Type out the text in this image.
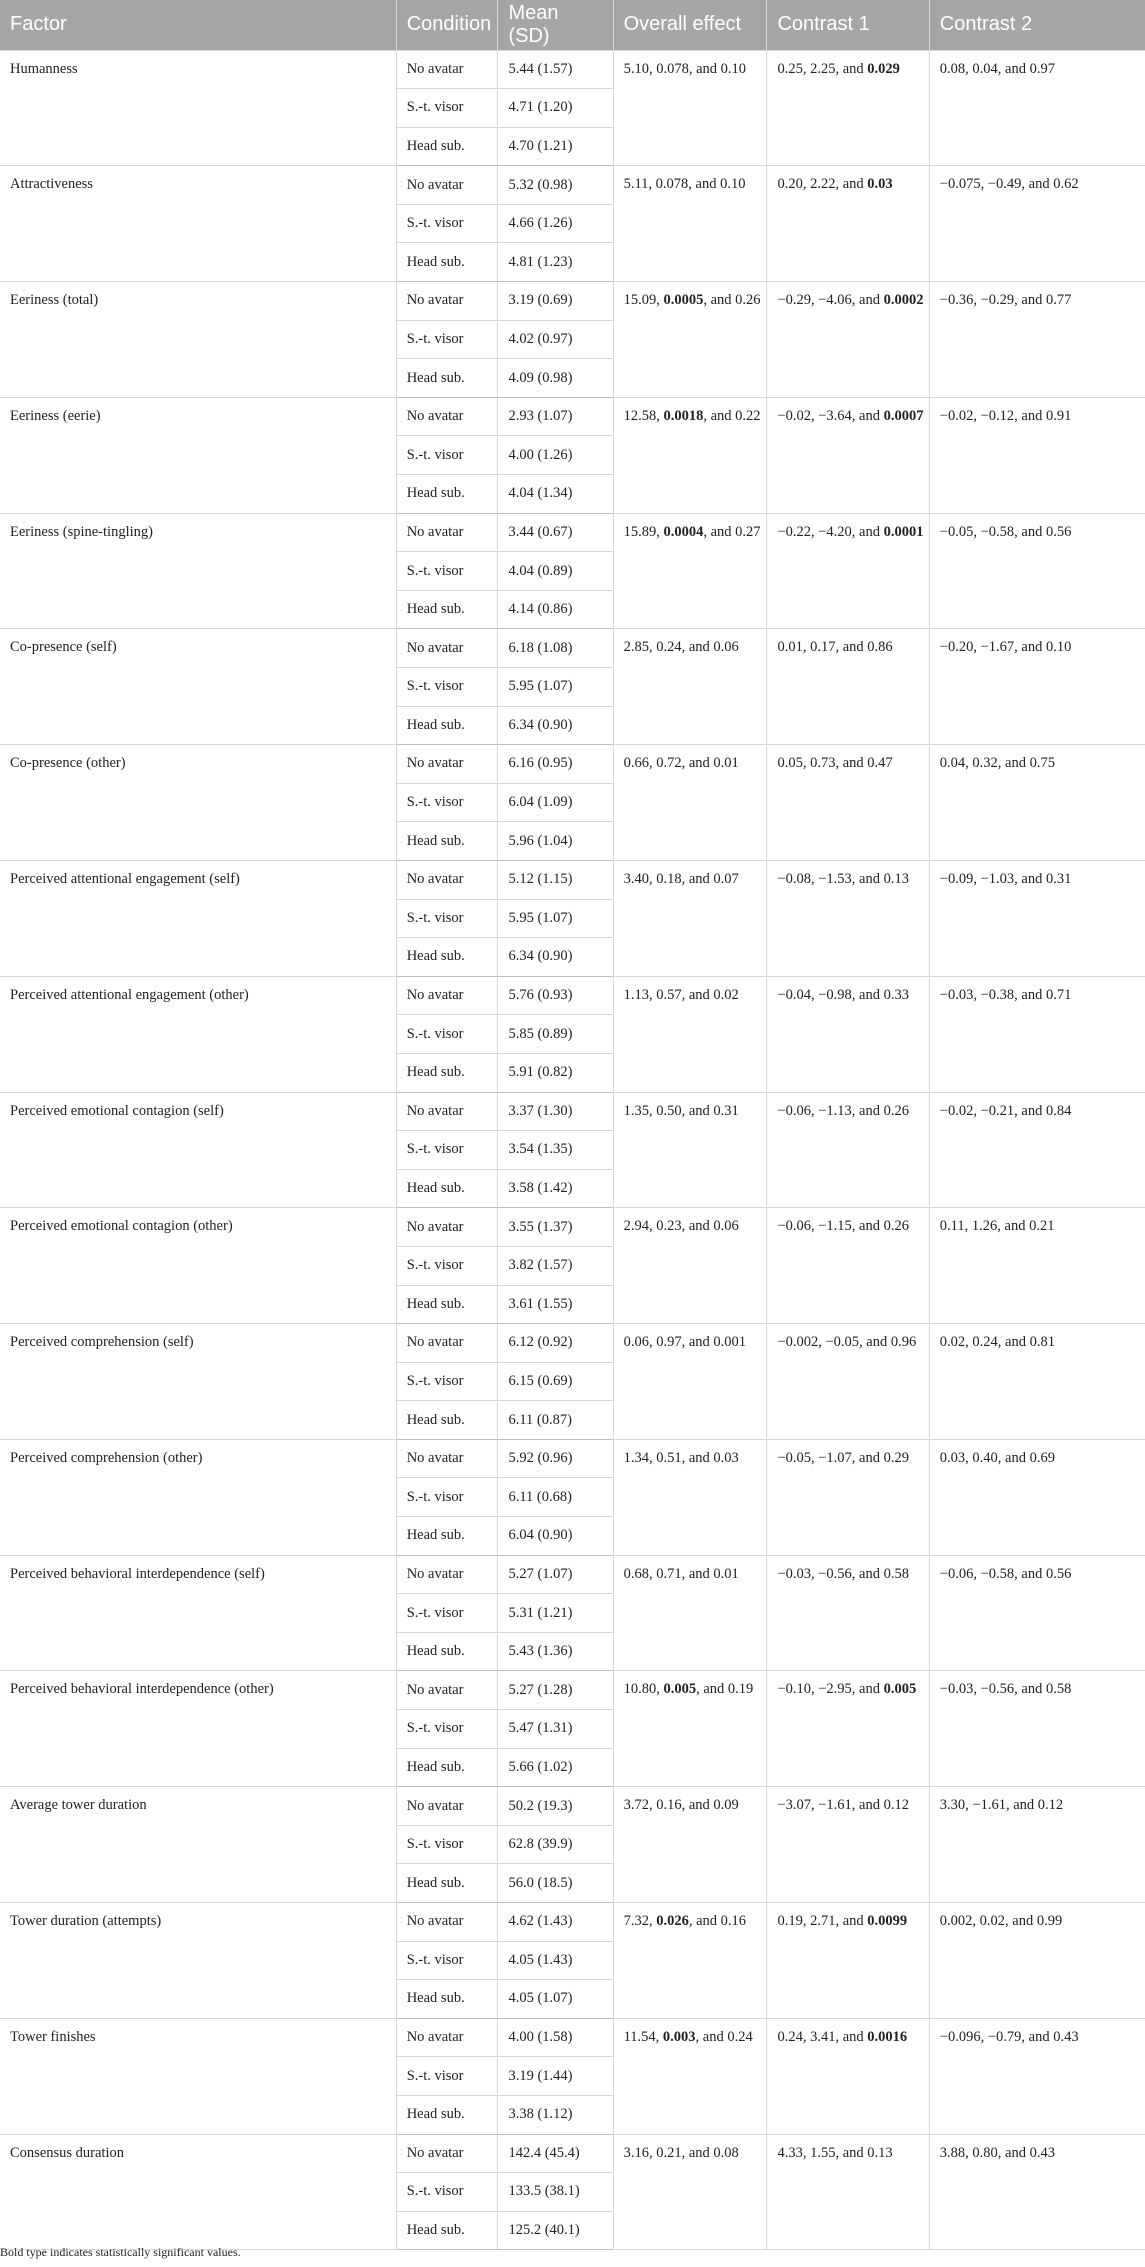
Factor	Condition	Mean (SD)	Overall effect	Contrast 1	Contrast 2
Humanness	No avatar	5.44 (1.57)	5.10, 0.078, and 0.10	0.25, 2.25, and 0.029	0.08, 0.04, and 0.97
	S.-t. visor	4.71 (1.20)			
	Head sub.	4.70 (1.21)			
Attractiveness	No avatar	5.32 (0.98)	5.11, 0.078, and 0.10	0.20, 2.22, and 0.03	−0.075, −0.49, and 0.62
	S.-t. visor	4.66 (1.26)			
	Head sub.	4.81 (1.23)			
Eeriness (total)	No avatar	3.19 (0.69)	15.09, 0.0005, and 0.26	−0.29, −4.06, and 0.0002	−0.36, −0.29, and 0.77
	S.-t. visor	4.02 (0.97)			
	Head sub.	4.09 (0.98)			
Eeriness (eerie)	No avatar	2.93 (1.07)	12.58, 0.0018, and 0.22	−0.02, −3.64, and 0.0007	−0.02, −0.12, and 0.91
	S.-t. visor	4.00 (1.26)			
	Head sub.	4.04 (1.34)			
Eeriness (spine-tingling)	No avatar	3.44 (0.67)	15.89, 0.0004, and 0.27	−0.22, −4.20, and 0.0001	−0.05, −0.58, and 0.56
	S.-t. visor	4.04 (0.89)			
	Head sub.	4.14 (0.86)			
Co-presence (self)	No avatar	6.18 (1.08)	2.85, 0.24, and 0.06	0.01, 0.17, and 0.86	−0.20, −1.67, and 0.10
	S.-t. visor	5.95 (1.07)			
	Head sub.	6.34 (0.90)			
Co-presence (other)	No avatar	6.16 (0.95)	0.66, 0.72, and 0.01	0.05, 0.73, and 0.47	0.04, 0.32, and 0.75
	S.-t. visor	6.04 (1.09)			
	Head sub.	5.96 (1.04)			
Perceived attentional engagement (self)	No avatar	5.12 (1.15)	3.40, 0.18, and 0.07	−0.08, −1.53, and 0.13	−0.09, −1.03, and 0.31
	S.-t. visor	5.95 (1.07)			
	Head sub.	6.34 (0.90)			
Perceived attentional engagement (other)	No avatar	5.76 (0.93)	1.13, 0.57, and 0.02	−0.04, −0.98, and 0.33	−0.03, −0.38, and 0.71
	S.-t. visor	5.85 (0.89)			
	Head sub.	5.91 (0.82)			
Perceived emotional contagion (self)	No avatar	3.37 (1.30)	1.35, 0.50, and 0.31	−0.06, −1.13, and 0.26	−0.02, −0.21, and 0.84
	S.-t. visor	3.54 (1.35)			
	Head sub.	3.58 (1.42)			
Perceived emotional contagion (other)	No avatar	3.55 (1.37)	2.94, 0.23, and 0.06	−0.06, −1.15, and 0.26	0.11, 1.26, and 0.21
	S.-t. visor	3.82 (1.57)			
	Head sub.	3.61 (1.55)			
Perceived comprehension (self)	No avatar	6.12 (0.92)	0.06, 0.97, and 0.001	−0.002, −0.05, and 0.96	0.02, 0.24, and 0.81
	S.-t. visor	6.15 (0.69)			
	Head sub.	6.11 (0.87)			
Perceived comprehension (other)	No avatar	5.92 (0.96)	1.34, 0.51, and 0.03	−0.05, −1.07, and 0.29	0.03, 0.40, and 0.69
	S.-t. visor	6.11 (0.68)			
	Head sub.	6.04 (0.90)			
Perceived behavioral interdependence (self)	No avatar	5.27 (1.07)	0.68, 0.71, and 0.01	−0.03, −0.56, and 0.58	−0.06, −0.58, and 0.56
	S.-t. visor	5.31 (1.21)			
	Head sub.	5.43 (1.36)			
Perceived behavioral interdependence (other)	No avatar	5.27 (1.28)	10.80, 0.005, and 0.19	−0.10, −2.95, and 0.005	−0.03, −0.56, and 0.58
	S.-t. visor	5.47 (1.31)			
	Head sub.	5.66 (1.02)			
Average tower duration	No avatar	50.2 (19.3)	3.72, 0.16, and 0.09	−3.07, −1.61, and 0.12	3.30, −1.61, and 0.12
	S.-t. visor	62.8 (39.9)			
	Head sub.	56.0 (18.5)			
Tower duration (attempts)	No avatar	4.62 (1.43)	7.32, 0.026, and 0.16	0.19, 2.71, and 0.0099	0.002, 0.02, and 0.99
	S.-t. visor	4.05 (1.43)			
	Head sub.	4.05 (1.07)			
Tower finishes	No avatar	4.00 (1.58)	11.54, 0.003, and 0.24	0.24, 3.41, and 0.0016	−0.096, −0.79, and 0.43
	S.-t. visor	3.19 (1.44)			
	Head sub.	3.38 (1.12)			
Consensus duration	No avatar	142.4 (45.4)	3.16, 0.21, and 0.08	4.33, 1.55, and 0.13	3.88, 0.80, and 0.43
	S.-t. visor	133.5 (38.1)			
	Head sub.	125.2 (40.1)			
Bold type indicates statistically significant values.
